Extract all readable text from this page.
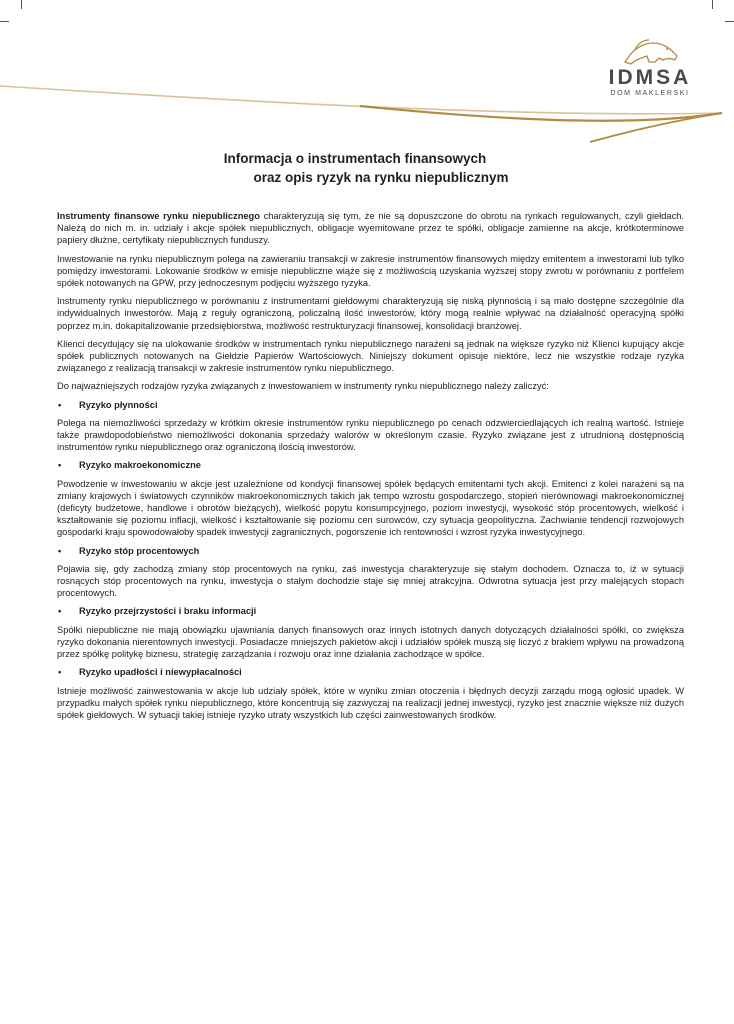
IDMSA
DOM MAKLERSKI
Informacja o instrumentach finansowych
oraz opis ryzyk na rynku niepublicznym

Instrumenty finansowe rynku niepublicznego charakteryzują się tym, że nie są dopuszczone do obrotu na rynkach regulowanych, czyli giełdach. Należą do nich m. in. udziały i akcje spółek niepublicznych, obligacje wyemitowane przez te spółki, obligacje zamienne na akcje, krótkoterminowe papiery dłużne, certyfikaty niepublicznych funduszy.

Inwestowanie na rynku niepublicznym polega na zawieraniu transakcji w zakresie instrumentów finansowych między emitentem a inwestorami lub tylko pomiędzy inwestorami. Lokowanie środków w emisje niepubliczne wiąże się z możliwością uzyskania wyższej stopy zwrotu w porównaniu z portfelem spółek notowanych na GPW, przy jednoczesnym podjęciu wyższego ryzyka.

Instrumenty rynku niepublicznego w porównaniu z instrumentami giełdowymi charakteryzują się niską płynnością i są mało dostępne szczególnie dla indywidualnych inwestorów. Mają z reguły ograniczoną, policzalną ilość inwestorów, który mogą realnie wpływać na działalność operacyjną spółki poprzez m.in. dokapitalizowanie przedsiębiorstwa, możliwość restrukturyzacji finansowej, konsolidacji branżowej.

Klienci decydujący się na ulokowanie środków w instrumentach rynku niepublicznego narażeni są jednak na większe ryzyko niż Klienci kupujący akcje spółek publicznych notowanych na Giełdzie Papierów Wartościowych. Niniejszy dokument opisuje niektóre, lecz nie wszystkie rodzaje ryzyka związanego z realizacją transakcji w zakresie instrumentów rynku niepublicznego.

Do najważniejszych rodzajów ryzyka związanych z inwestowaniem w instrumenty rynku niepublicznego należy zaliczyć:

• Ryzyko płynności

Polega na niemożliwości sprzedaży w krótkim okresie instrumentów rynku niepublicznego po cenach odzwierciedlających ich realną wartość. Istnieje także prawdopodobieństwo niemożliwości dokonania sprzedaży walorów w określonym czasie. Ryzyko związane jest z utrudnioną dostępnością instrumentów rynku niepublicznego oraz ograniczoną ilością inwestorów.

• Ryzyko makroekonomiczne

Powodzenie w inwestowaniu w akcje jest uzależnione od kondycji finansowej spółek będących emitentami tych akcji. Emitenci z kolei narażeni są na zmiany krajowych i światowych czynników makroekonomicznych takich jak tempo wzrostu gospodarczego, stopień nierównowagi makroekonomicznej (deficyty budżetowe, handlowe i obrotów bieżących), wielkość popytu konsumpcyjnego, poziom inwestycji, wysokość stóp procentowych, wielkość i kształtowanie się poziomu inflacji, wielkość i kształtowanie się poziomu cen surowców, czy sytuacja geopolityczna. Zachwianie tendencji rozwojowych gospodarki kraju spowodowałoby spadek inwestycji zagranicznych, pogorszenie ich rentowności i wzrost ryzyka inwestycyjnego.

• Ryzyko stóp procentowych

Pojawia się, gdy zachodzą zmiany stóp procentowych na rynku, zaś inwestycja charakteryzuje się stałym dochodem. Oznacza to, iż w sytuacji rosnących stóp procentowych na rynku, inwestycja o stałym dochodzie staje się mniej atrakcyjna. Odwrotna sytuacja jest przy malejących stopach procentowych.

• Ryzyko przejrzystości i braku informacji

Spółki niepubliczne nie mają obowiązku ujawniania danych finansowych oraz innych istotnych danych dotyczących działalności spółki, co zwiększa ryzyko dokonania nierentownych inwestycji. Posiadacze mniejszych pakietów akcji i udziałów spółek muszą się liczyć z brakiem wpływu na prowadzoną przez spółkę politykę biznesu, strategię zarządzania i rozwoju oraz inne działania zachodzące w spółce.

• Ryzyko upadłości i niewypłacalności

Istnieje możliwość zainwestowania w akcje lub udziały spółek, które w wyniku zmian otoczenia i błędnych decyzji zarządu mogą ogłosić upadek. W przypadku małych spółek rynku niepublicznego, które koncentrują się zazwyczaj na realizacji jednej inwestycji, ryzyko jest znacznie większe niż dużych spółek giełdowych. W sytuacji takiej istnieje ryzyko utraty wszystkich lub części zainwestowanych środków.
